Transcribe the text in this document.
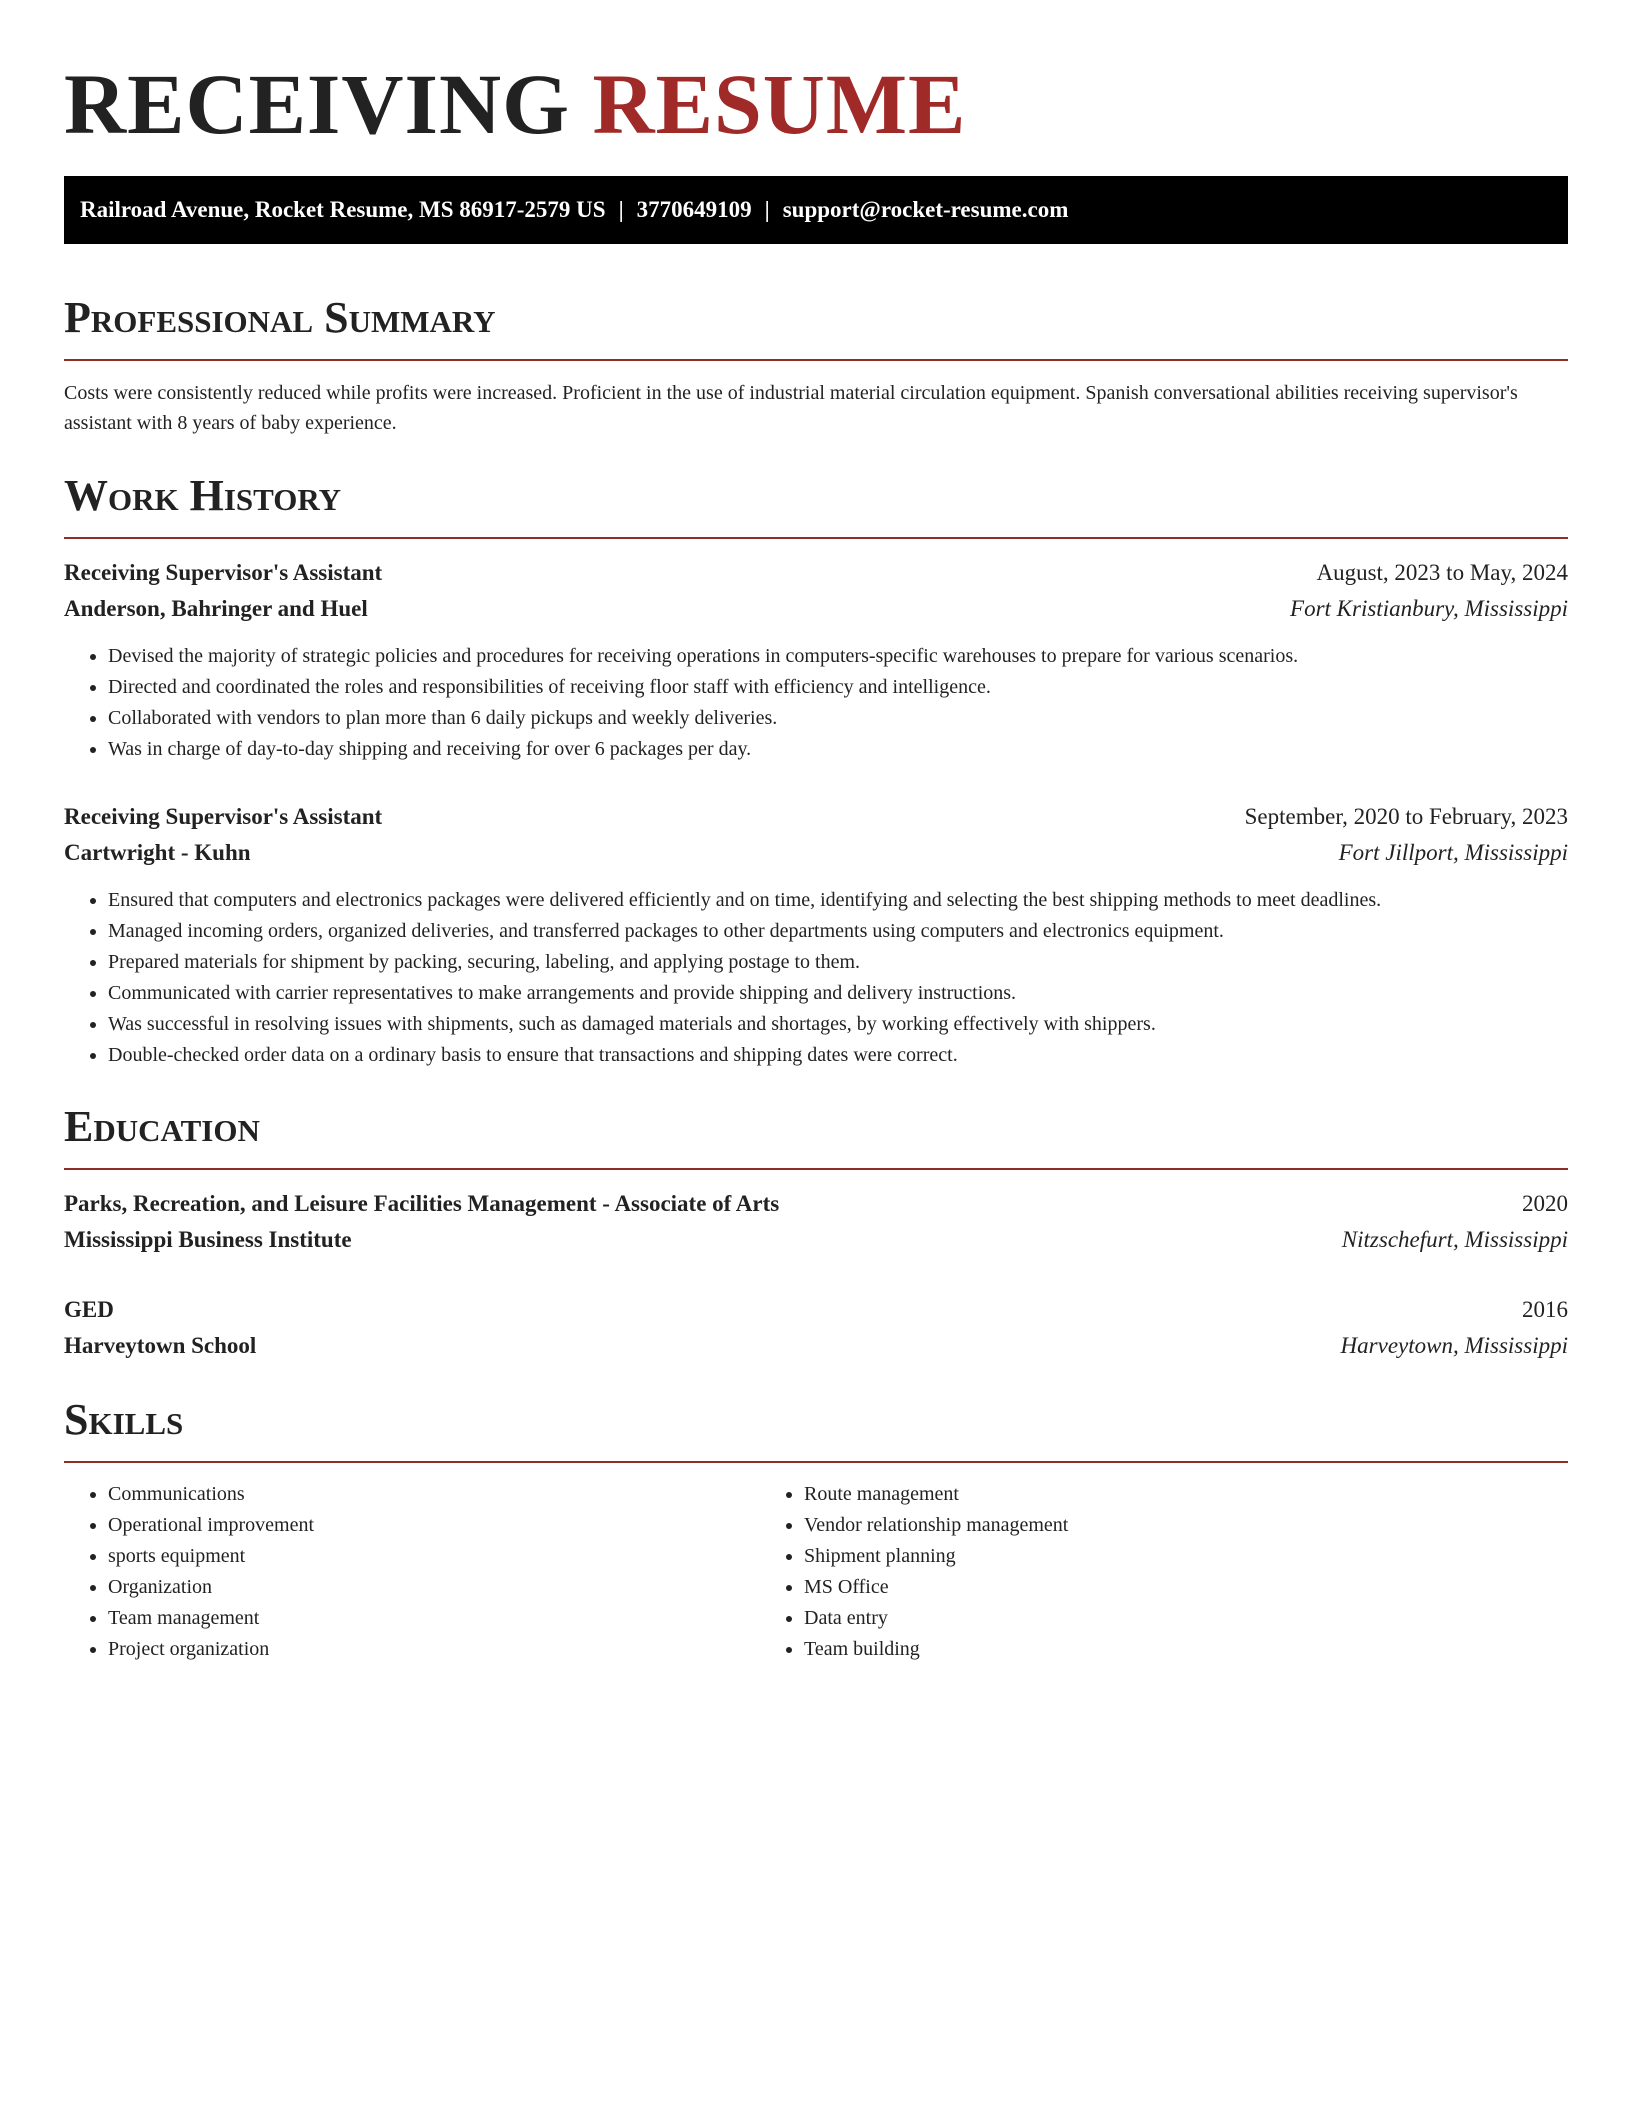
RECEIVING RESUME
Railroad Avenue, Rocket Resume, MS 86917-2579 US | 3770649109 | support@rocket-resume.com
Professional Summary

Costs were consistently reduced while profits were increased. Proficient in the use of industrial material circulation equipment. Spanish conversational abilities receiving supervisor's assistant with 8 years of baby experience.

Work History
Receiving Supervisor's Assistant	August, 2023 to May, 2024
Anderson, Bahringer and Huel	Fort Kristianbury, Mississippi
• Devised the majority of strategic policies and procedures for receiving operations in computers-specific warehouses to prepare for various scenarios.
• Directed and coordinated the roles and responsibilities of receiving floor staff with efficiency and intelligence.
• Collaborated with vendors to plan more than 6 daily pickups and weekly deliveries.
• Was in charge of day-to-day shipping and receiving for over 6 packages per day.
Receiving Supervisor's Assistant	September, 2020 to February, 2023
Cartwright - Kuhn	Fort Jillport, Mississippi
• Ensured that computers and electronics packages were delivered efficiently and on time, identifying and selecting the best shipping methods to meet deadlines.
• Managed incoming orders, organized deliveries, and transferred packages to other departments using computers and electronics equipment.
• Prepared materials for shipment by packing, securing, labeling, and applying postage to them.
• Communicated with carrier representatives to make arrangements and provide shipping and delivery instructions.
• Was successful in resolving issues with shipments, such as damaged materials and shortages, by working effectively with shippers.
• Double-checked order data on a ordinary basis to ensure that transactions and shipping dates were correct.
Education
Parks, Recreation, and Leisure Facilities Management - Associate of Arts	2020
Mississippi Business Institute	Nitzschefurt, Mississippi
GED	2016
Harveytown School	Harveytown, Mississippi
Skills
• Communications
• Operational improvement
• sports equipment
• Organization
• Team management
• Project organization
• Route management
• Vendor relationship management
• Shipment planning
• MS Office
• Data entry
• Team building
